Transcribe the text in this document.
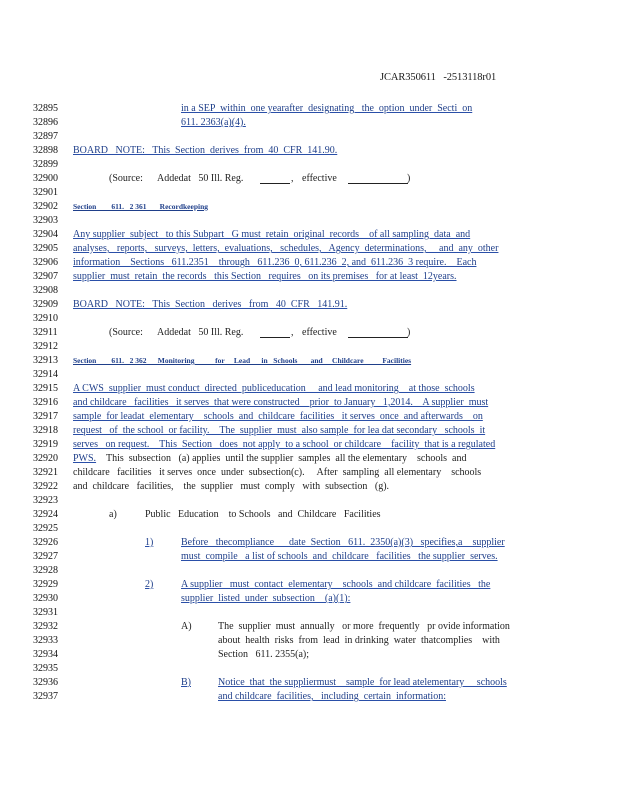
JCAR350611   -2513118r01
32895
32896
32897
32898
32899
32900
32901
32902
32903
32904
32905
32906
32907
32908
32909
32910
32911
32912
32913
32914
32915
32916
32917
32918
32919
32920
32921
32922
32923
32924
32925
32926
32927
32928
32929
32930
32931
32932
32933
32934
32935
32936
32937
in a SEP  within  one yearafter  designating   the  option  under  Secti  on
611. 2363(a)(4).
BOARD   NOTE:   This  Section  derives  from  40  CFR  141.90.
(Source: Addedat   50 Ill. Reg.	, effective	)
Section        611.   2 361       Recordkeeping
Any supplier  subject   to this Subpart   G must  retain  original  records    of all sampling  data  and
analyses,   reports,   surveys,  letters,  evaluations,   schedules,   Agency  determinations,     and  any  other
information    Sections   611.2351    through   611.236  0, 611.236  2, and  611.236  3 require.    Each
supplier  must  retain  the records   this Section   requires   on its premises   for at least  12years.
BOARD   NOTE:   This  Section   derives   from   40  CFR   141.91.
(Source: Addedat   50 Ill. Reg.	, effective	)
Section        611.   2 362      Monitoring           for     Lead      in   Schools       and     Childcare          Facilities
A CWS  supplier  must conduct  directed  publiceducation     and lead monitoring    at those  schools
and childcare   facilities   it serves  that were constructed    prior  to January   1,2014.    A supplier  must
sample  for leadat  elementary    schools  and  childcare  facilities   it serves  once  and afterwards    on
request   of  the school  or facility.    The  supplier  must  also sample  for lea dat secondary   schools  it
serves   on request.    This  Section   does  not apply  to a school  or childcare    facility  that is a regulated
PWS. This  subsection   (a) applies  until the supplier  samples  all the elementary    schools  and
childcare   facilities   it serves  once  under  subsection(c).     After  sampling  all elementary    schools
and  childcare   facilities,    the  supplier   must  comply   with  subsection   (g).
a)	Public   Education    to Schools   and  Childcare   Facilities
1)	Before   thecompliance      date  Section   611.  2350(a)(3)   specifies,a    supplier
must  compile   a list of schools  and  childcare   facilities   the supplier  serves.
2)	A supplier   must  contact  elementary    schools  and childcare  facilities   the
supplier  listed  under  subsection    (a)(1):
A)	The  supplier  must  annually   or more  frequently   pr ovide information
about  health  risks  from  lead  in drinking  water  thatcomplies    with
Section   611. 2355(a);
B)	Notice  that  the suppliermust    sample  for lead atelementary     schools
and childcare  facilities,   including  certain  information:
